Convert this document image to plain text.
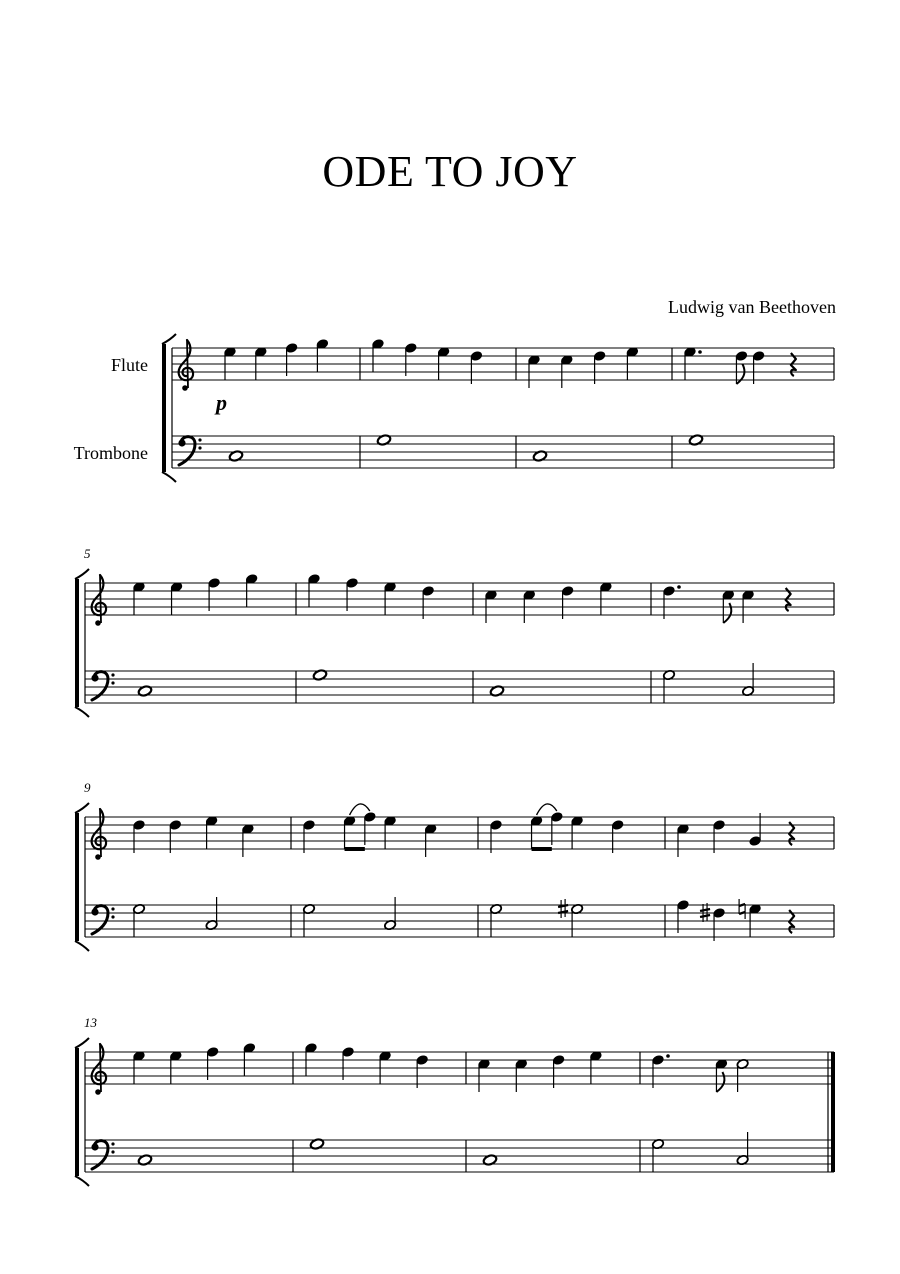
ODE TO JOY
Ludwig van Beethoven
Flute
Trombone
5
9
13
p
